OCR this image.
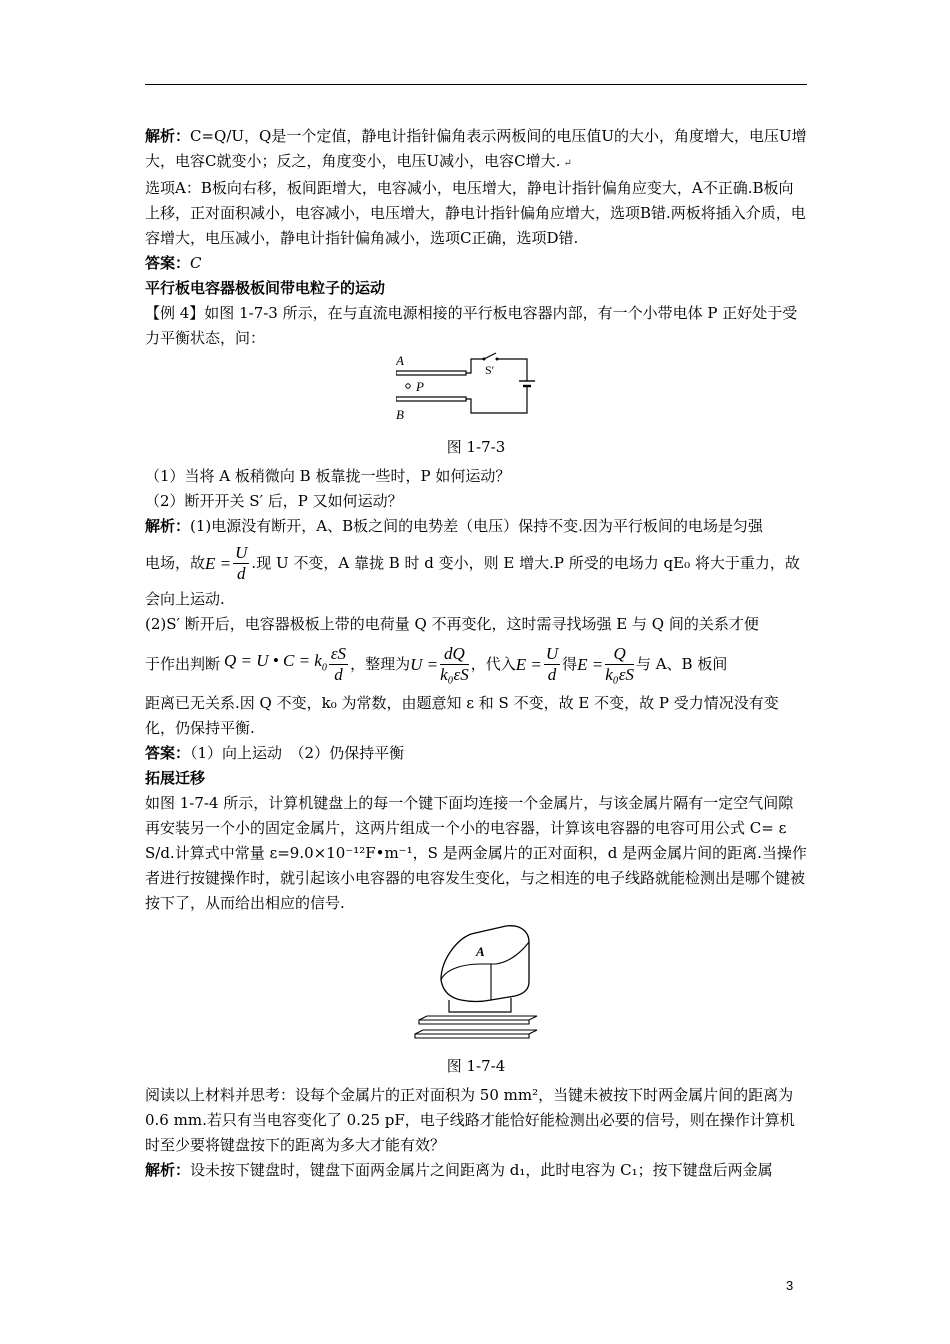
解析：C=Q/U，Q是一个定值，静电计指针偏角表示两板间的电压值U的大小，角度增大，电压U增大，电容C就变小；反之，角度变小，电压U减小，电容C增大. ↵

选项A：B板向右移，板间距增大，电容减小，电压增大，静电计指针偏角应变大，A不正确.B板向上移，正对面积减小，电容减小，电压增大，静电计指针偏角应增大，选项B错.两板将插入介质，电容增大，电压减小，静电计指针偏角减小，选项C正确，选项D错.

答案：C

平行板电容器极板间带电粒子的运动

【例 4】如图 1-7-3 所示，在与直流电源相接的平行板电容器内部，有一个小带电体 P 正好处于受力平衡状态，问：

A
P
B
S′

图 1-7-3

（1）当将 A 板稍微向 B 板靠拢一些时，P 如何运动？

（2）断开开关 S′ 后，P 又如何运动？

解析：(1)电源没有断开，A、B板之间的电势差（电压）保持不变.因为平行板间的电场是匀强

电场，故 $E = \frac{U}{d}$ .现 U 不变，A 靠拢 B 时 d 变小，则 E 增大.P 所受的电场力 qE₀ 将大于重力，故

会向上运动.

(2)S′ 断开后，电容器极板上带的电荷量 Q 不再变化，这时需寻找场强 E 与 Q 间的关系才便

于作出判断 Q = U • $C = k_0 \frac{\varepsilon S}{d}$ ，整理为 $U = \frac{dQ}{\text{k₀εS}}$ ，代入 $E = \frac{U}{d}$ 得 $E = \frac{Q}{\text{k₀εS}}$ 与 A、B 板间

距离已无关系.因 Q 不变，k₀ 为常数，由题意知 ε 和 S 不变，故 E 不变，故 P 受力情况没有变化，仍保持平衡.

答案：（1）向上运动　（2）仍保持平衡

拓展迁移

如图 1-7-4 所示，计算机键盘上的每一个键下面均连接一个金属片，与该金属片隔有一定空气间隙再安装另一个小的固定金属片，这两片组成一个小的电容器，计算该电容器的电容可用公式 C= ε S/d.计算式中常量 ε=9.0×10⁻¹²F•m⁻¹，S 是两金属片的正对面积，d 是两金属片间的距离.当操作者进行按键操作时，就引起该小电容器的电容发生变化，与之相连的电子线路就能检测出是哪个键被按下了，从而给出相应的信号.

A

图 1-7-4

阅读以上材料并思考：设每个金属片的正对面积为 50 mm²，当键未被按下时两金属片间的距离为 0.6 mm.若只有当电容变化了 0.25 pF，电子线路才能恰好能检测出必要的信号，则在操作计算机时至少要将键盘按下的距离为多大才能有效？

解析：设未按下键盘时，键盘下面两金属片之间距离为 d₁，此时电容为 C₁；按下键盘后两金属

3
